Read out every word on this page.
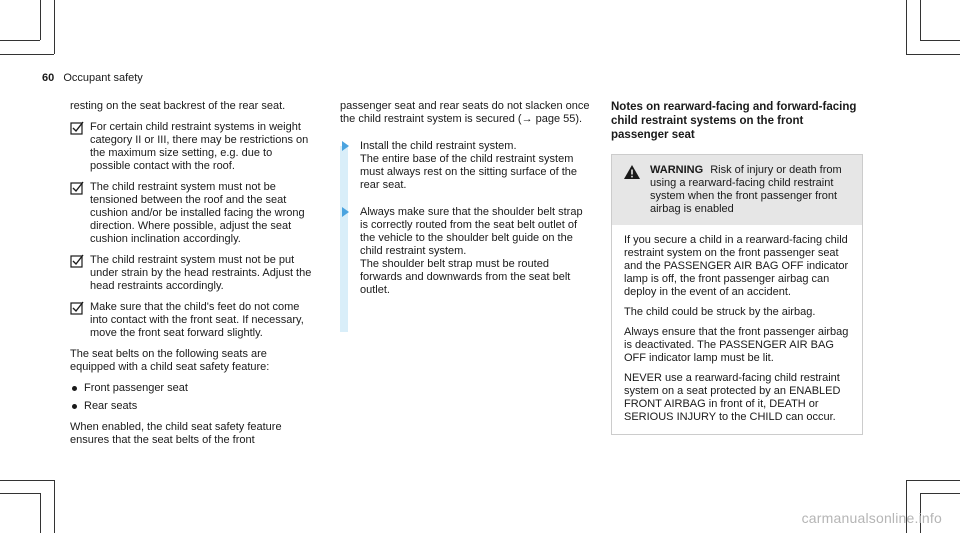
60 Occupant safety

resting on the seat backrest of the rear seat.

For certain child restraint systems in weight category II or III, there may be restrictions on the maximum size setting, e.g. due to possible contact with the roof.
The child restraint system must not be tensioned between the roof and the seat cushion and/or be installed facing the wrong direction. Where possible, adjust the seat cushion inclination accordingly.
The child restraint system must not be put under strain by the head restraints. Adjust the head restraints accordingly.
Make sure that the child's feet do not come into contact with the front seat. If necessary, move the front seat forward slightly.

The seat belts on the following seats are equipped with a child seat safety feature:

Front passenger seat
Rear seats

When enabled, the child seat safety feature ensures that the seat belts of the front

passenger seat and rear seats do not slacken once the child restraint system is secured (→ page 55).

Install the child restraint system.
The entire base of the child restraint system must always rest on the sitting surface of the rear seat.
Always make sure that the shoulder belt strap is correctly routed from the seat belt outlet of the vehicle to the shoulder belt guide on the child restraint system.
The shoulder belt strap must be routed forwards and downwards from the seat belt outlet.
Notes on rearward-facing and forward-facing child restraint systems on the front passenger seat
WARNING Risk of injury or death from using a rearward-facing child restraint system when the front passenger front airbag is enabled

If you secure a child in a rearward-facing child restraint system on the front passenger seat and the PASSENGER AIR BAG OFF indicator lamp is off, the front passenger airbag can deploy in the event of an accident.

The child could be struck by the airbag.

Always ensure that the front passenger airbag is deactivated. The PASSENGER AIR BAG OFF indicator lamp must be lit.

NEVER use a rearward-facing child restraint system on a seat protected by an ENABLED FRONT AIRBAG in front of it, DEATH or SERIOUS INJURY to the CHILD can occur.

carmanualsonline.info
